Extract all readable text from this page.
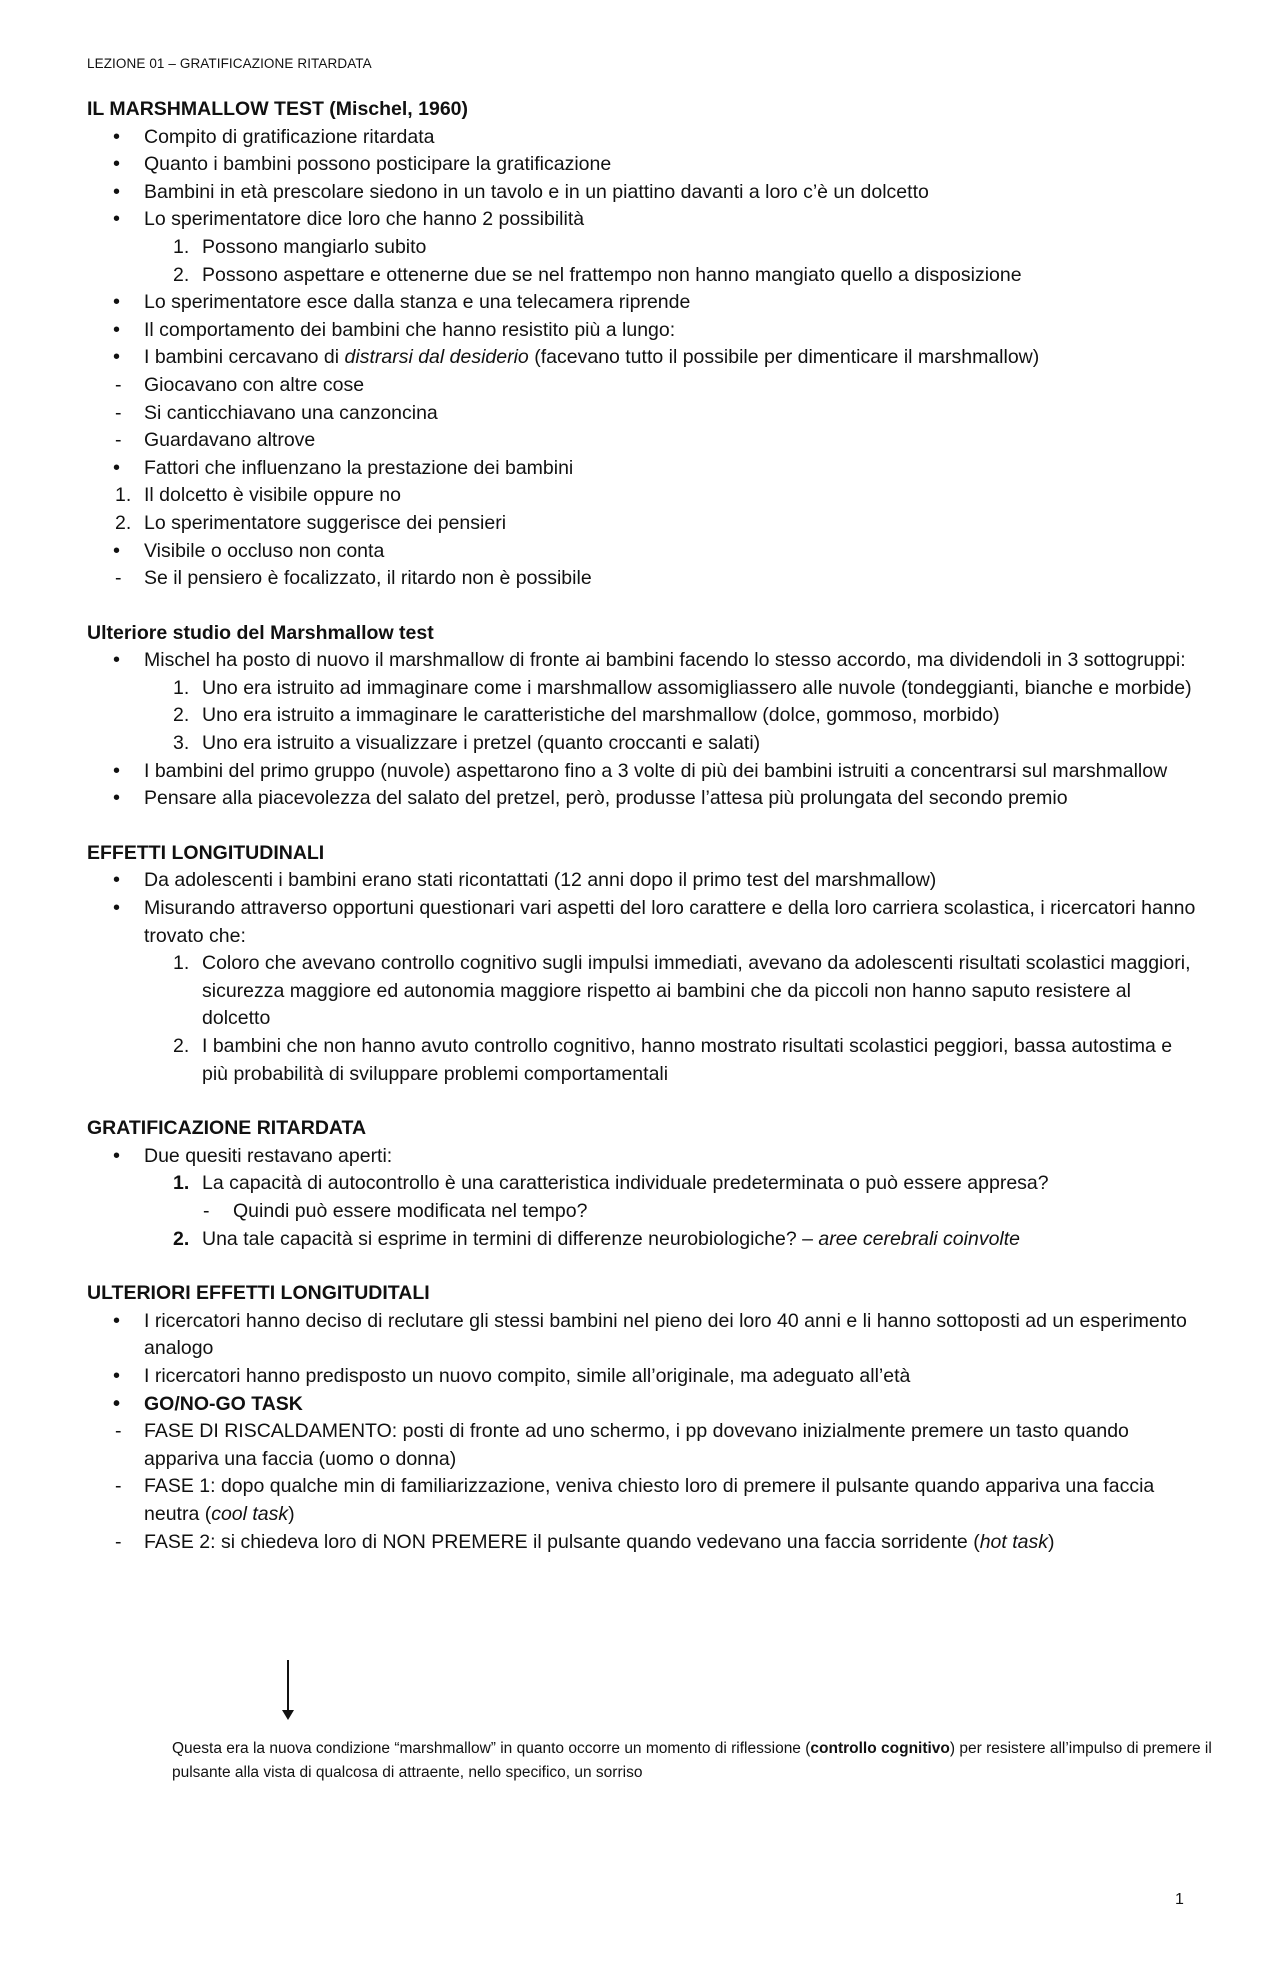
LEZIONE 01 – GRATIFICAZIONE RITARDATA
IL MARSHMALLOW TEST (Mischel, 1960)
• Compito di gratificazione ritardata
• Quanto i bambini possono posticipare la gratificazione
• Bambini in età prescolare siedono in un tavolo e in un piattino davanti a loro c’è un dolcetto
• Lo sperimentatore dice loro che hanno 2 possibilità
1. Possono mangiarlo subito
2. Possono aspettare e ottenerne due se nel frattempo non hanno mangiato quello a disposizione
• Lo sperimentatore esce dalla stanza e una telecamera riprende
• Il comportamento dei bambini che hanno resistito più a lungo:
• I bambini cercavano di distrarsi dal desiderio (facevano tutto il possibile per dimenticare il marshmallow)
- Giocavano con altre cose
- Si canticchiavano una canzoncina
- Guardavano altrove
• Fattori che influenzano la prestazione dei bambini
1. Il dolcetto è visibile oppure no
2. Lo sperimentatore suggerisce dei pensieri
• Visibile o occluso non conta
- Se il pensiero è focalizzato, il ritardo non è possibile
Ulteriore studio del Marshmallow test
• Mischel ha posto di nuovo il marshmallow di fronte ai bambini facendo lo stesso accordo, ma dividendoli in 3 sottogruppi:
1. Uno era istruito ad immaginare come i marshmallow assomigliassero alle nuvole (tondeggianti, bianche e morbide)
2. Uno era istruito a immaginare le caratteristiche del marshmallow (dolce, gommoso, morbido)
3. Uno era istruito a visualizzare i pretzel (quanto croccanti e salati)
• I bambini del primo gruppo (nuvole) aspettarono fino a 3 volte di più dei bambini istruiti a concentrarsi sul marshmallow
• Pensare alla piacevolezza del salato del pretzel, però, produsse l’attesa più prolungata del secondo premio
EFFETTI LONGITUDINALI
• Da adolescenti i bambini erano stati ricontattati (12 anni dopo il primo test del marshmallow)
• Misurando attraverso opportuni questionari vari aspetti del loro carattere e della loro carriera scolastica, i ricercatori hanno trovato che:
1. Coloro che avevano controllo cognitivo sugli impulsi immediati, avevano da adolescenti risultati scolastici maggiori, sicurezza maggiore ed autonomia maggiore rispetto ai bambini che da piccoli non hanno saputo resistere al dolcetto
2. I bambini che non hanno avuto controllo cognitivo, hanno mostrato risultati scolastici peggiori, bassa autostima e più probabilità di sviluppare problemi comportamentali
GRATIFICAZIONE RITARDATA
• Due quesiti restavano aperti:
1. La capacità di autocontrollo è una caratteristica individuale predeterminata o può essere appresa?
- Quindi può essere modificata nel tempo?
2. Una tale capacità si esprime in termini di differenze neurobiologiche? – aree cerebrali coinvolte
ULTERIORI EFFETTI LONGITUDITALI
• I ricercatori hanno deciso di reclutare gli stessi bambini nel pieno dei loro 40 anni e li hanno sottoposti ad un esperimento analogo
• I ricercatori hanno predisposto un nuovo compito, simile all’originale, ma adeguato all’età
• GO/NO-GO TASK
- FASE DI RISCALDAMENTO: posti di fronte ad uno schermo, i pp dovevano inizialmente premere un tasto quando appariva una faccia (uomo o donna)
- FASE 1: dopo qualche min di familiarizzazione, veniva chiesto loro di premere il pulsante quando appariva una faccia neutra (cool task)
- FASE 2: si chiedeva loro di NON PREMERE il pulsante quando vedevano una faccia sorridente (hot task)
Questa era la nuova condizione “marshmallow” in quanto occorre un momento di riflessione (controllo cognitivo) per resistere all’impulso di premere il pulsante alla vista di qualcosa di attraente, nello specifico, un sorriso
1
